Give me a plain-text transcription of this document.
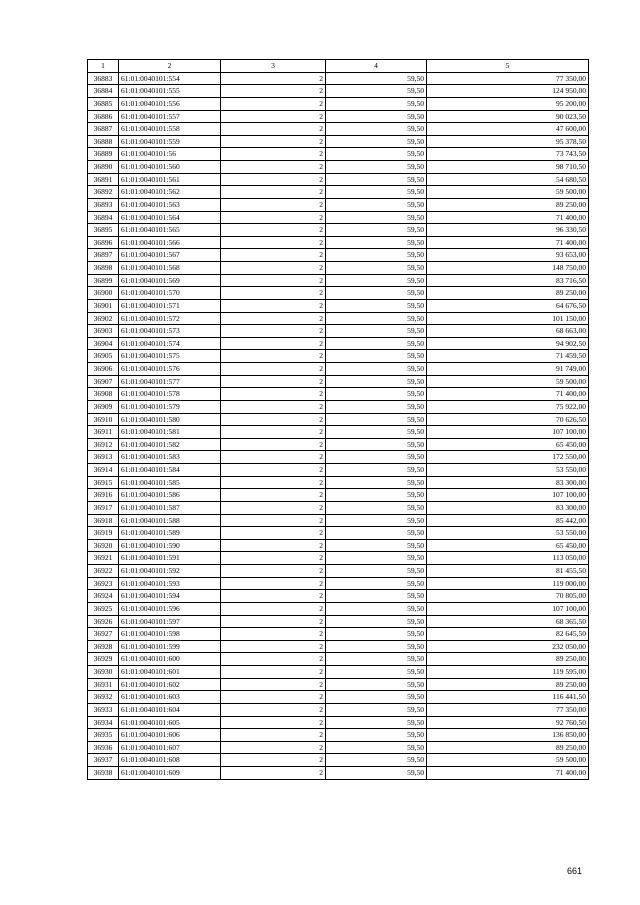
1	2	3	4	5
36883	61:01:0040101:554	2	59,50	77 350,00
36884	61:01:0040101:555	2	59,50	124 950,00
36885	61:01:0040101:556	2	59,50	95 200,00
36886	61:01:0040101:557	2	59,50	90 023,50
36887	61:01:0040101:558	2	59,50	47 600,00
36888	61:01:0040101:559	2	59,50	95 378,50
36889	61:01:0040101:56	2	59,50	73 743,50
36890	61:01:0040101:560	2	59,50	98 710,50
36891	61:01:0040101:561	2	59,50	54 680,50
36892	61:01:0040101:562	2	59,50	59 500,00
36893	61:01:0040101:563	2	59,50	89 250,00
36894	61:01:0040101:564	2	59,50	71 400,00
36895	61:01:0040101:565	2	59,50	96 330,50
36896	61:01:0040101:566	2	59,50	71 400,00
36897	61:01:0040101:567	2	59,50	93 653,00
36898	61:01:0040101:568	2	59,50	148 750,00
36899	61:01:0040101:569	2	59,50	83 716,50
36900	61:01:0040101:570	2	59,50	89 250,00
36901	61:01:0040101:571	2	59,50	64 676,50
36902	61:01:0040101:572	2	59,50	101 150,00
36903	61:01:0040101:573	2	59,50	68 663,00
36904	61:01:0040101:574	2	59,50	94 902,50
36905	61:01:0040101:575	2	59,50	71 459,50
36906	61:01:0040101:576	2	59,50	91 749,00
36907	61:01:0040101:577	2	59,50	59 500,00
36908	61:01:0040101:578	2	59,50	71 400,00
36909	61:01:0040101:579	2	59,50	75 922,00
36910	61:01:0040101:580	2	59,50	70 626,50
36911	61:01:0040101:581	2	59,50	107 100,00
36912	61:01:0040101:582	2	59,50	65 450,00
36913	61:01:0040101:583	2	59,50	172 550,00
36914	61:01:0040101:584	2	59,50	53 550,00
36915	61:01:0040101:585	2	59,50	83 300,00
36916	61:01:0040101:586	2	59,50	107 100,00
36917	61:01:0040101:587	2	59,50	83 300,00
36918	61:01:0040101:588	2	59,50	85 442,00
36919	61:01:0040101:589	2	59,50	53 550,00
36920	61:01:0040101:590	2	59,50	65 450,00
36921	61:01:0040101:591	2	59,50	113 050,00
36922	61:01:0040101:592	2	59,50	81 455,50
36923	61:01:0040101:593	2	59,50	119 000,00
36924	61:01:0040101:594	2	59,50	70 805,00
36925	61:01:0040101:596	2	59,50	107 100,00
36926	61:01:0040101:597	2	59,50	68 365,50
36927	61:01:0040101:598	2	59,50	82 645,50
36928	61:01:0040101:599	2	59,50	232 050,00
36929	61:01:0040101:600	2	59,50	89 250,00
36930	61:01:0040101:601	2	59,50	119 595,00
36931	61:01:0040101:602	2	59,50	89 250,00
36932	61:01:0040101:603	2	59,50	116 441,50
36933	61:01:0040101:604	2	59,50	77 350,00
36934	61:01:0040101:605	2	59,50	92 760,50
36935	61:01:0040101:606	2	59,50	136 850,00
36936	61:01:0040101:607	2	59,50	89 250,00
36937	61:01:0040101:608	2	59,50	59 500,00
36938	61:01:0040101:609	2	59,50	71 400,00
661
